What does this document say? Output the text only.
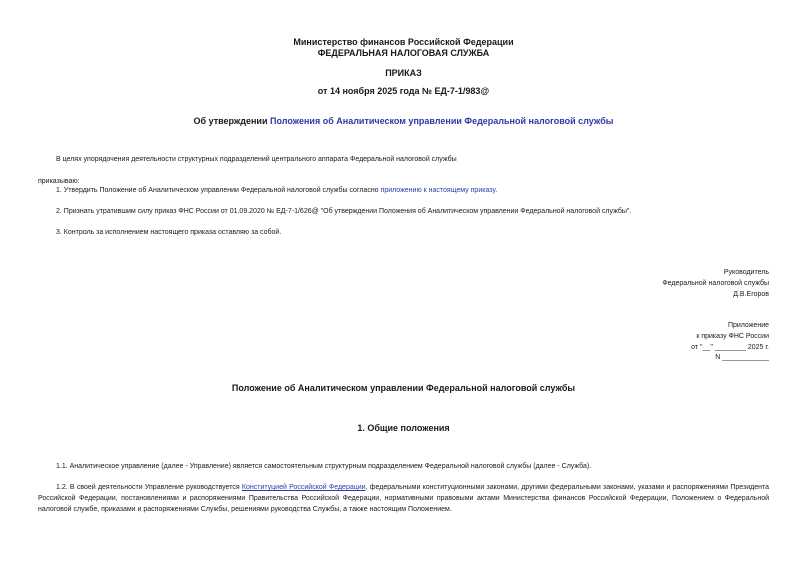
Министерство финансов Российской Федерации
ФЕДЕРАЛЬНАЯ НАЛОГОВАЯ СЛУЖБА
ПРИКАЗ
от 14 ноября 2025 года № ЕД-7-1/983@
Об утверждении Положения об Аналитическом управлении Федеральной налоговой службы
В целях упорядочения деятельности структурных подразделений центрального аппарата Федеральной налоговой службы
приказываю:
1. Утвердить Положение об Аналитическом управлении Федеральной налоговой службы согласно приложению к настоящему приказу.
2. Признать утратившим силу приказ ФНС России от 01.09.2020 № ЕД-7-1/626@ "Об утверждении Положения об Аналитическом управлении Федеральной налоговой службы".
3. Контроль за исполнением настоящего приказа оставляю за собой.
Руководитель
Федеральной налоговой службы
Д.В.Егоров
Приложение
к приказу ФНС России
от "__" ________ 2025 г.
N ____________
Положение об Аналитическом управлении Федеральной налоговой службы
1. Общие положения
1.1. Аналитическое управление (далее - Управление) является самостоятельным структурным подразделением Федеральной налоговой службы (далее - Служба).
1.2. В своей деятельности Управление руководствуется Конституцией Российской Федерации, федеральными конституционными законами, другими федеральными законами, указами и распоряжениями Президента Российской Федерации, постановлениями и распоряжениями Правительства Российской Федерации, нормативными правовыми актами Министерства финансов Российской Федерации, Положением о Федеральной налоговой службе, приказами и распоряжениями Службы, решениями руководства Службы, а также настоящим Положением.
